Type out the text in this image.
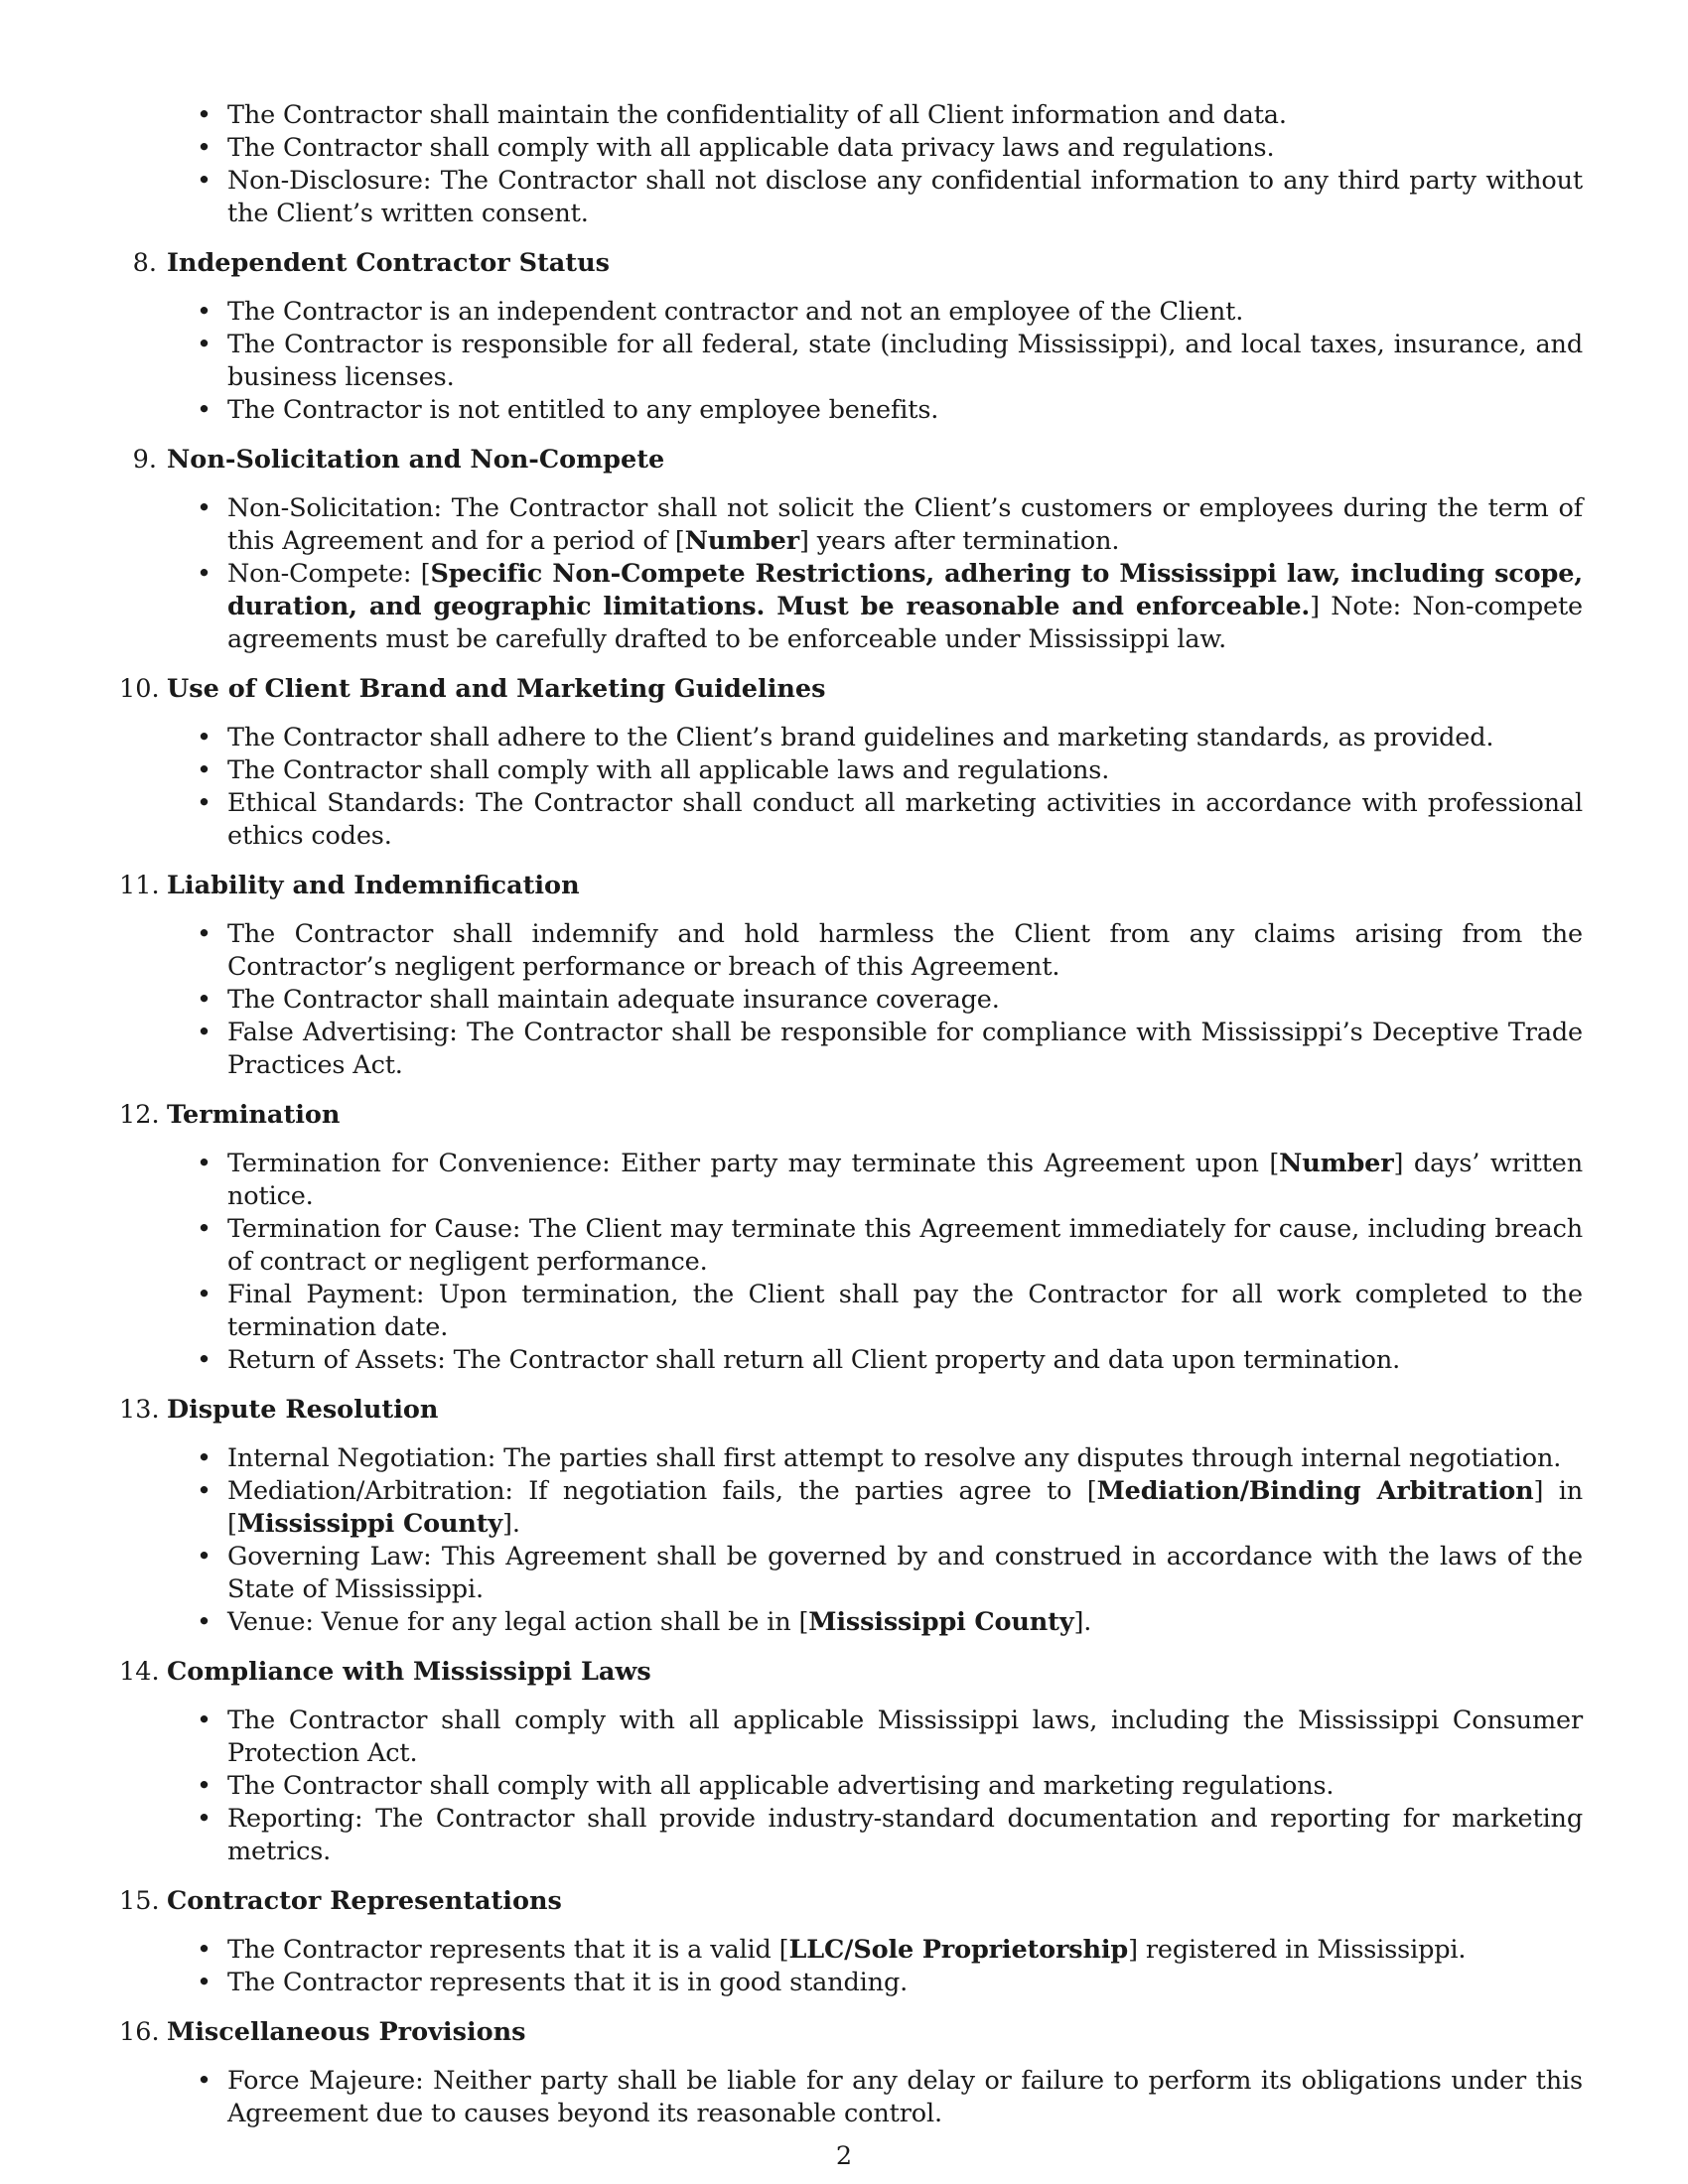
• The Contractor shall maintain the confidentiality of all Client information and data.
• The Contractor shall comply with all applicable data privacy laws and regulations.
• Non-Disclosure: The Contractor shall not disclose any confidential information to any third party without the Client’s written consent.
8. Independent Contractor Status
• The Contractor is an independent contractor and not an employee of the Client.
• The Contractor is responsible for all federal, state (including Mississippi), and local taxes, insurance, and business licenses.
• The Contractor is not entitled to any employee benefits.
9. Non-Solicitation and Non-Compete
• Non-Solicitation: The Contractor shall not solicit the Client’s customers or employees during the term of this Agreement and for a period of [Number] years after termination.
• Non-Compete: [Specific Non-Compete Restrictions, adhering to Mississippi law, including scope, duration, and geographic limitations. Must be reasonable and enforceable.] Note: Non-compete agreements must be carefully drafted to be enforceable under Mississippi law.
10. Use of Client Brand and Marketing Guidelines
• The Contractor shall adhere to the Client’s brand guidelines and marketing standards, as provided.
• The Contractor shall comply with all applicable laws and regulations.
• Ethical Standards: The Contractor shall conduct all marketing activities in accordance with professional ethics codes.
11. Liability and Indemnification
• The Contractor shall indemnify and hold harmless the Client from any claims arising from the Contractor’s negligent performance or breach of this Agreement.
• The Contractor shall maintain adequate insurance coverage.
• False Advertising: The Contractor shall be responsible for compliance with Mississippi’s Deceptive Trade Practices Act.
12. Termination
• Termination for Convenience: Either party may terminate this Agreement upon [Number] days’ written notice.
• Termination for Cause: The Client may terminate this Agreement immediately for cause, including breach of contract or negligent performance.
• Final Payment: Upon termination, the Client shall pay the Contractor for all work completed to the termination date.
• Return of Assets: The Contractor shall return all Client property and data upon termination.
13. Dispute Resolution
• Internal Negotiation: The parties shall first attempt to resolve any disputes through internal negotiation.
• Mediation/Arbitration: If negotiation fails, the parties agree to [Mediation/Binding Arbitration] in [Mississippi County].
• Governing Law: This Agreement shall be governed by and construed in accordance with the laws of the State of Mississippi.
• Venue: Venue for any legal action shall be in [Mississippi County].
14. Compliance with Mississippi Laws
• The Contractor shall comply with all applicable Mississippi laws, including the Mississippi Consumer Protection Act.
• The Contractor shall comply with all applicable advertising and marketing regulations.
• Reporting: The Contractor shall provide industry-standard documentation and reporting for marketing metrics.
15. Contractor Representations
• The Contractor represents that it is a valid [LLC/Sole Proprietorship] registered in Mississippi.
• The Contractor represents that it is in good standing.
16. Miscellaneous Provisions
• Force Majeure: Neither party shall be liable for any delay or failure to perform its obligations under this Agreement due to causes beyond its reasonable control.
2
